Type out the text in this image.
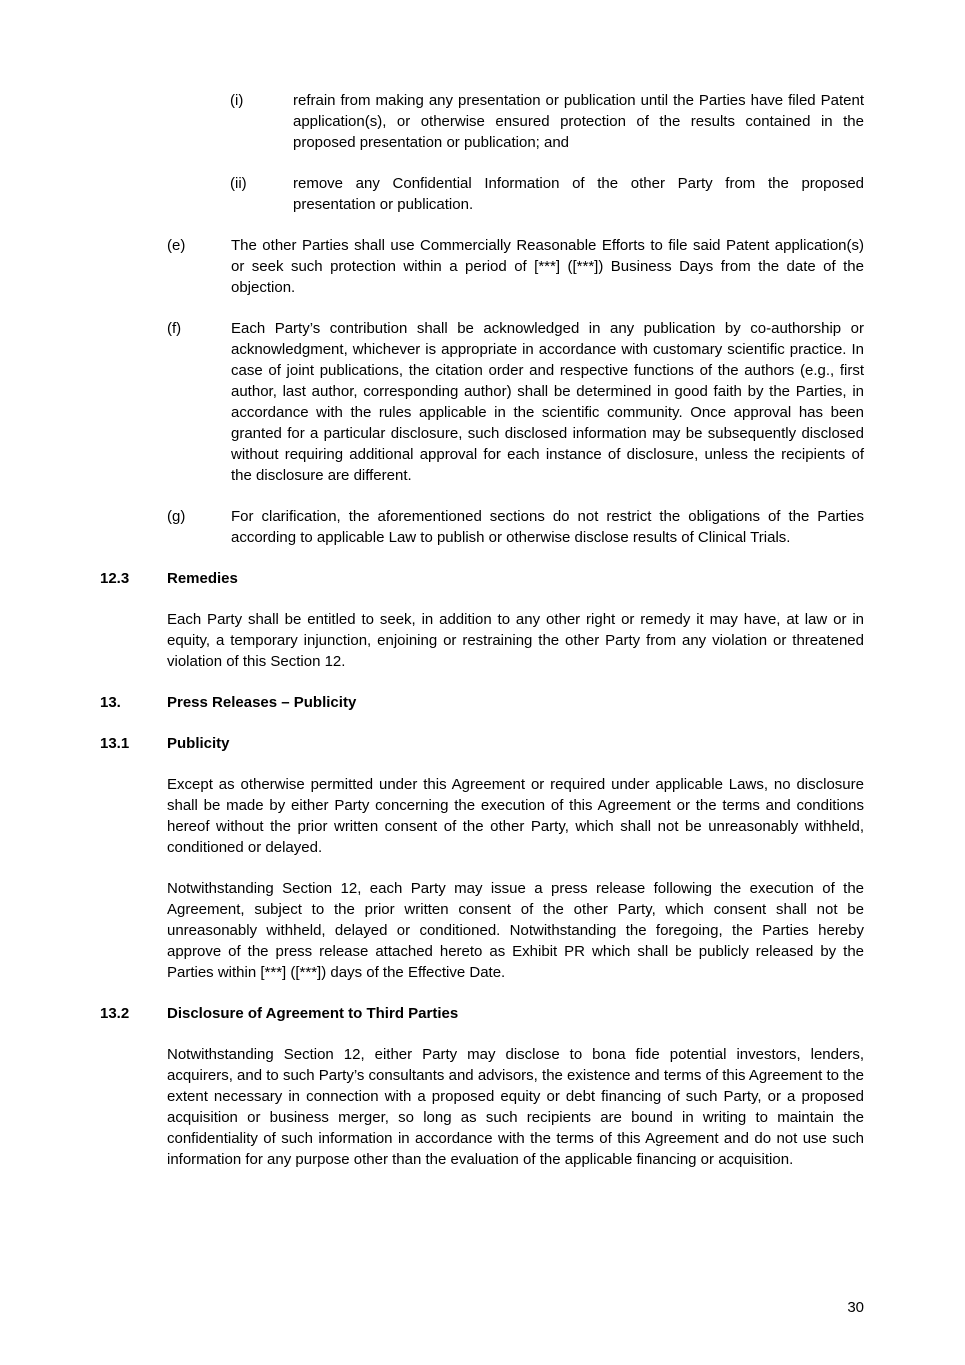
(i)	refrain from making any presentation or publication until the Parties have filed Patent application(s), or otherwise ensured protection of the results contained in the proposed presentation or publication; and

(ii)	remove any Confidential Information of the other Party from the proposed presentation or publication.

(e)	The other Parties shall use Commercially Reasonable Efforts to file said Patent application(s) or seek such protection within a period of [***] ([***]) Business Days from the date of the objection.

(f)	Each Party’s contribution shall be acknowledged in any publication by co-authorship or acknowledgment, whichever is appropriate in accordance with customary scientific practice. In case of joint publications, the citation order and respective functions of the authors (e.g., first author, last author, corresponding author) shall be determined in good faith by the Parties, in accordance with the rules applicable in the scientific community. Once approval has been granted for a particular disclosure, such disclosed information may be subsequently disclosed without requiring additional approval for each instance of disclosure, unless the recipients of the disclosure are different.

(g)	For clarification, the aforementioned sections do not restrict the obligations of the Parties according to applicable Law to publish or otherwise disclose results of Clinical Trials.

12.3	Remedies

Each Party shall be entitled to seek, in addition to any other right or remedy it may have, at law or in equity, a temporary injunction, enjoining or restraining the other Party from any violation or threatened violation of this Section 12.

13.	Press Releases – Publicity
13.1	Publicity

Except as otherwise permitted under this Agreement or required under applicable Laws, no disclosure shall be made by either Party concerning the execution of this Agreement or the terms and conditions hereof without the prior written consent of the other Party, which shall not be unreasonably withheld, conditioned or delayed.

Notwithstanding Section 12, each Party may issue a press release following the execution of the Agreement, subject to the prior written consent of the other Party, which consent shall not be unreasonably withheld, delayed or conditioned. Notwithstanding the foregoing, the Parties hereby approve of the press release attached hereto as Exhibit PR which shall be publicly released by the Parties within [***] ([***]) days of the Effective Date.

13.2	Disclosure of Agreement to Third Parties

Notwithstanding Section 12, either Party may disclose to bona fide potential investors, lenders, acquirers, and to such Party’s consultants and advisors, the existence and terms of this Agreement to the extent necessary in connection with a proposed equity or debt financing of such Party, or a proposed acquisition or business merger, so long as such recipients are bound in writing to maintain the confidentiality of such information in accordance with the terms of this Agreement and do not use such information for any purpose other than the evaluation of the applicable financing or acquisition.

30
